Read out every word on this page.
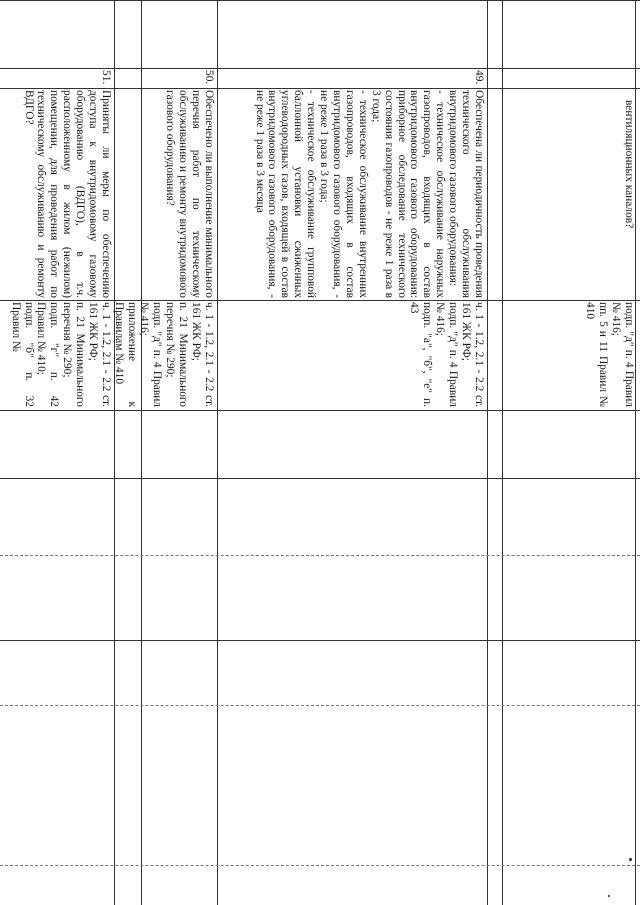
вентиляционных каналов?

подп. "д" п. 4 Правил № 416;

пп. 5 и 11 Правил № 410

49.

Обеспечена ли периодичность проведения технического обслуживания внутридомового газового оборудования:

- техническое обслуживание наружных газопроводов, входящих в состав внутридомового газового оборудования: приборное обследование технического состояния газопроводов - не реже 1 раза в 3 года;

- техническое обслуживание внутренних газопроводов, входящих в состав внутридомового газового оборудования, - не реже 1 раза в 3 года;

- техническое обслуживание групповой баллонной установки сжиженных углеводородных газов, входящей в состав внутридомового газового оборудования, - не реже 1 раза в 3 месяца

ч. 1 - 1.2, 2.1 - 2.2 ст. 161 ЖК РФ;

подп. "д" п. 4 Правил № 416;

подп. "а", "б", "е" п. 43

50.

Обеспечено ли выполнение минимального перечня работ по техническому обслуживанию и ремонту внутридомового газового оборудования?

ч. 1 - 1.2, 2.1 - 2.2 ст. 161 ЖК РФ;

п. 21 Минимального перечня № 290;

подп. "д" п. 4 Правил № 416;

приложение к Правилам № 410

51.

Приняты ли меры по обеспечению доступа к внутридомовому газовому оборудованию (ВДГО), в т.ч. расположенному в жилом (нежилом) помещении, для проведения работ по техническому обслуживанию и ремонту ВДГО?

ч. 1 - 1.2, 2.1 - 2.2 ст. 161 ЖК РФ;

п. 21 Минимального перечня № 290;

подп. "г" п. 42 Правил № 410;

подп. "б" п. 32 Правил №
